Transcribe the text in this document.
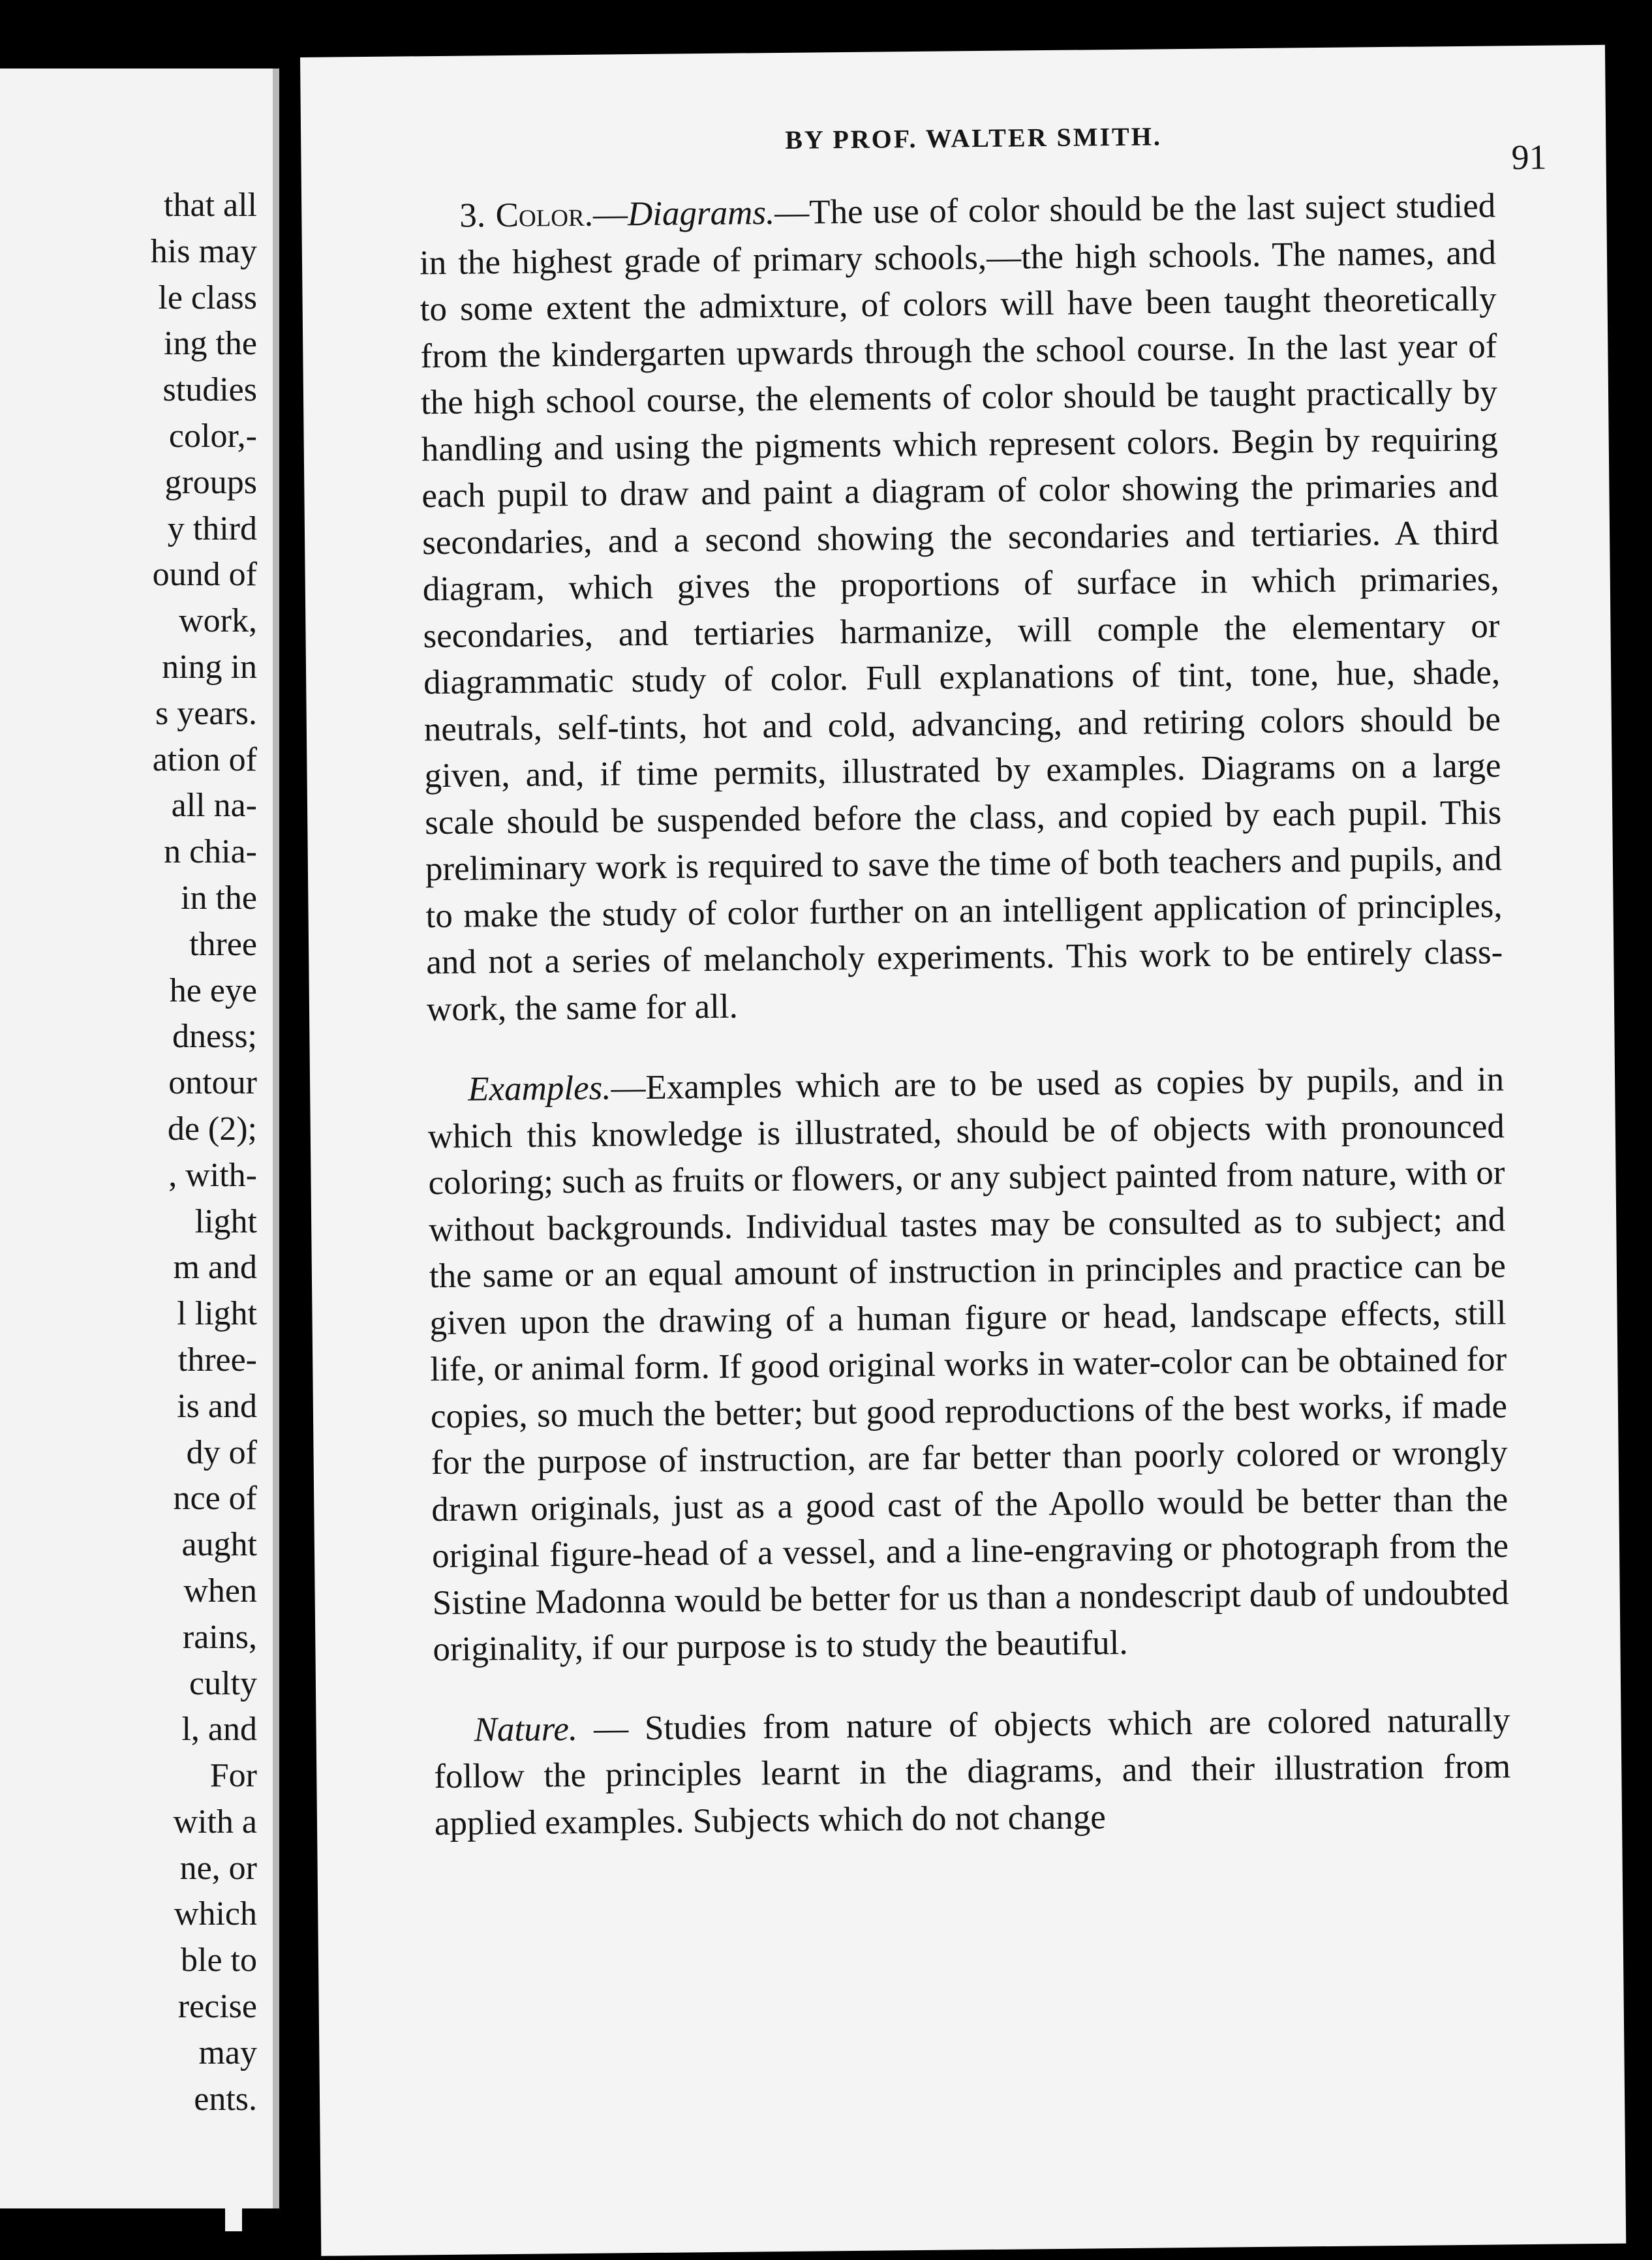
that all
his may
le class
ing the
studies
color,-
groups
y third
ound of
work,
ning in
s years.
ation of
all na-
n chia-
in the
three
he eye
dness;
ontour
de (2);
, with-
light
m and
l light
three-
is and
dy of
nce of
aught
when
rains,
culty
l, and
For
with a
ne, or
which
ble to
recise
may
ents.
BY PROF. WALTER SMITH.	91

3. Color.—Diagrams.—The use of color should be the last suject studied in the highest grade of primary schools,—the high schools. The names, and to some extent the admixture, of colors will have been taught theoretically from the kindergarten upwards through the school course. In the last year of the high school course, the elements of color should be taught practically by handling and using the pigments which represent colors. Begin by requiring each pupil to draw and paint a diagram of color showing the primaries and secondaries, and a second showing the secondaries and tertiaries. A third diagram, which gives the proportions of surface in which primaries, secondaries, and tertiaries harmanize, will comple the elementary or diagrammatic study of color. Full explanations of tint, tone, hue, shade, neutrals, self-tints, hot and cold, advancing, and retiring colors should be given, and, if time permits, illustrated by examples. Diagrams on a large scale should be suspended before the class, and copied by each pupil. This preliminary work is required to save the time of both teachers and pupils, and to make the study of color further on an intelligent application of principles, and not a series of melancholy experiments. This work to be entirely class-work, the same for all.

Examples.—Examples which are to be used as copies by pupils, and in which this knowledge is illustrated, should be of objects with pronounced coloring; such as fruits or flowers, or any subject painted from nature, with or without backgrounds. Individual tastes may be consulted as to subject; and the same or an equal amount of instruction in principles and practice can be given upon the drawing of a human figure or head, landscape effects, still life, or animal form. If good original works in water-color can be obtained for copies, so much the better; but good reproductions of the best works, if made for the purpose of instruction, are far better than poorly colored or wrongly drawn originals, just as a good cast of the Apollo would be better than the original figure-head of a vessel, and a line-engraving or photograph from the Sistine Madonna would be better for us than a nondescript daub of undoubted originality, if our purpose is to study the beautiful.

Nature. — Studies from nature of objects which are colored naturally follow the principles learnt in the diagrams, and their illustration from applied examples. Subjects which do not change
